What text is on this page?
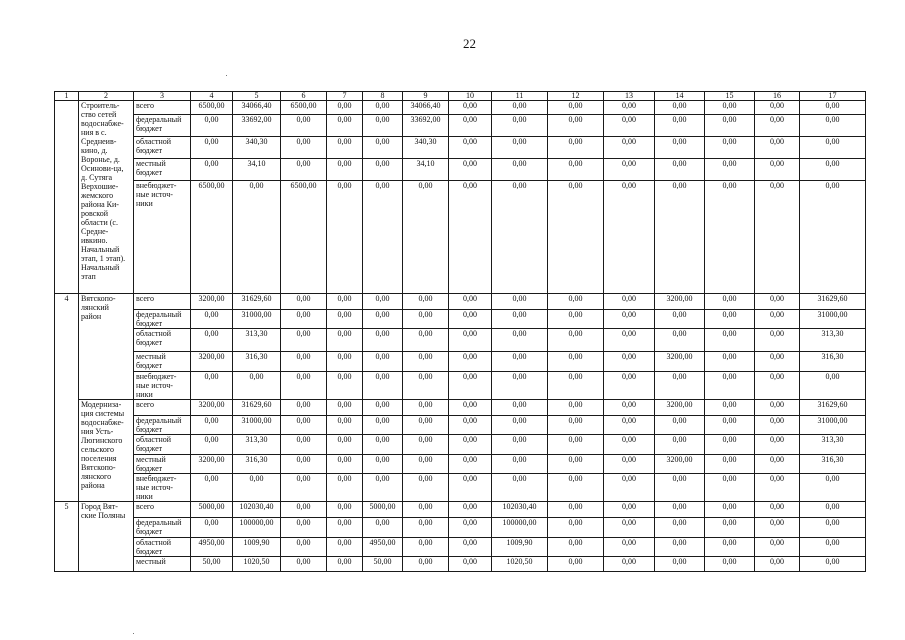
22
1	2	3	4	5	6	7	8	9	10	11	12	13	14	15	16	17
	Строитель-ство сетей водоснабже-ния в с. Среднеив-кино, д. Воронье, д. Осинови-ца, д. Сутяга Верхошие-жемского района Ки-ровской области (с. Средне-ивкино. Начальный этап, 1 этап). Начальный этап	всего	6500,00	34066,40	6500,00	0,00	0,00	34066,40	0,00	0,00	0,00	0,00	0,00	0,00	0,00	0,00
		федеральный бюджет	0,00	33692,00	0,00	0,00	0,00	33692,00	0,00	0,00	0,00	0,00	0,00	0,00	0,00	0,00
		областной бюджет	0,00	340,30	0,00	0,00	0,00	340,30	0,00	0,00	0,00	0,00	0,00	0,00	0,00	0,00
		местный бюджет	0,00	34,10	0,00	0,00	0,00	34,10	0,00	0,00	0,00	0,00	0,00	0,00	0,00	0,00
		внебюджет-ные источ-ники	6500,00	0,00	6500,00	0,00	0,00	0,00	0,00	0,00	0,00	0,00	0,00	0,00	0,00	0,00
4	Вятскопо-лянский район	всего	3200,00	31629,60	0,00	0,00	0,00	0,00	0,00	0,00	0,00	0,00	3200,00	0,00	0,00	31629,60
		федеральный бюджет	0,00	31000,00	0,00	0,00	0,00	0,00	0,00	0,00	0,00	0,00	0,00	0,00	0,00	31000,00
		областной бюджет	0,00	313,30	0,00	0,00	0,00	0,00	0,00	0,00	0,00	0,00	0,00	0,00	0,00	313,30
		местный бюджет	3200,00	316,30	0,00	0,00	0,00	0,00	0,00	0,00	0,00	0,00	3200,00	0,00	0,00	316,30
		внебюджет-ные источ-ники	0,00	0,00	0,00	0,00	0,00	0,00	0,00	0,00	0,00	0,00	0,00	0,00	0,00	0,00
	Модерниза-ция системы водоснабже-ния Усть-Люгинского сельского поселения Вятскопо-лянского района	всего	3200,00	31629,60	0,00	0,00	0,00	0,00	0,00	0,00	0,00	0,00	3200,00	0,00	0,00	31629,60
		федеральный бюджет	0,00	31000,00	0,00	0,00	0,00	0,00	0,00	0,00	0,00	0,00	0,00	0,00	0,00	31000,00
		областной бюджет	0,00	313,30	0,00	0,00	0,00	0,00	0,00	0,00	0,00	0,00	0,00	0,00	0,00	313,30
		местный бюджет	3200,00	316,30	0,00	0,00	0,00	0,00	0,00	0,00	0,00	0,00	3200,00	0,00	0,00	316,30
		внебюджет-ные источ-ники	0,00	0,00	0,00	0,00	0,00	0,00	0,00	0,00	0,00	0,00	0,00	0,00	0,00	0,00
5	Город Вят-ские Поляны	всего	5000,00	102030,40	0,00	0,00	5000,00	0,00	0,00	102030,40	0,00	0,00	0,00	0,00	0,00	0,00
		федеральный бюджет	0,00	100000,00	0,00	0,00	0,00	0,00	0,00	100000,00	0,00	0,00	0,00	0,00	0,00	0,00
		областной бюджет	4950,00	1009,90	0,00	0,00	4950,00	0,00	0,00	1009,90	0,00	0,00	0,00	0,00	0,00	0,00
		местный	50,00	1020,50	0,00	0,00	50,00	0,00	0,00	1020,50	0,00	0,00	0,00	0,00	0,00	0,00
